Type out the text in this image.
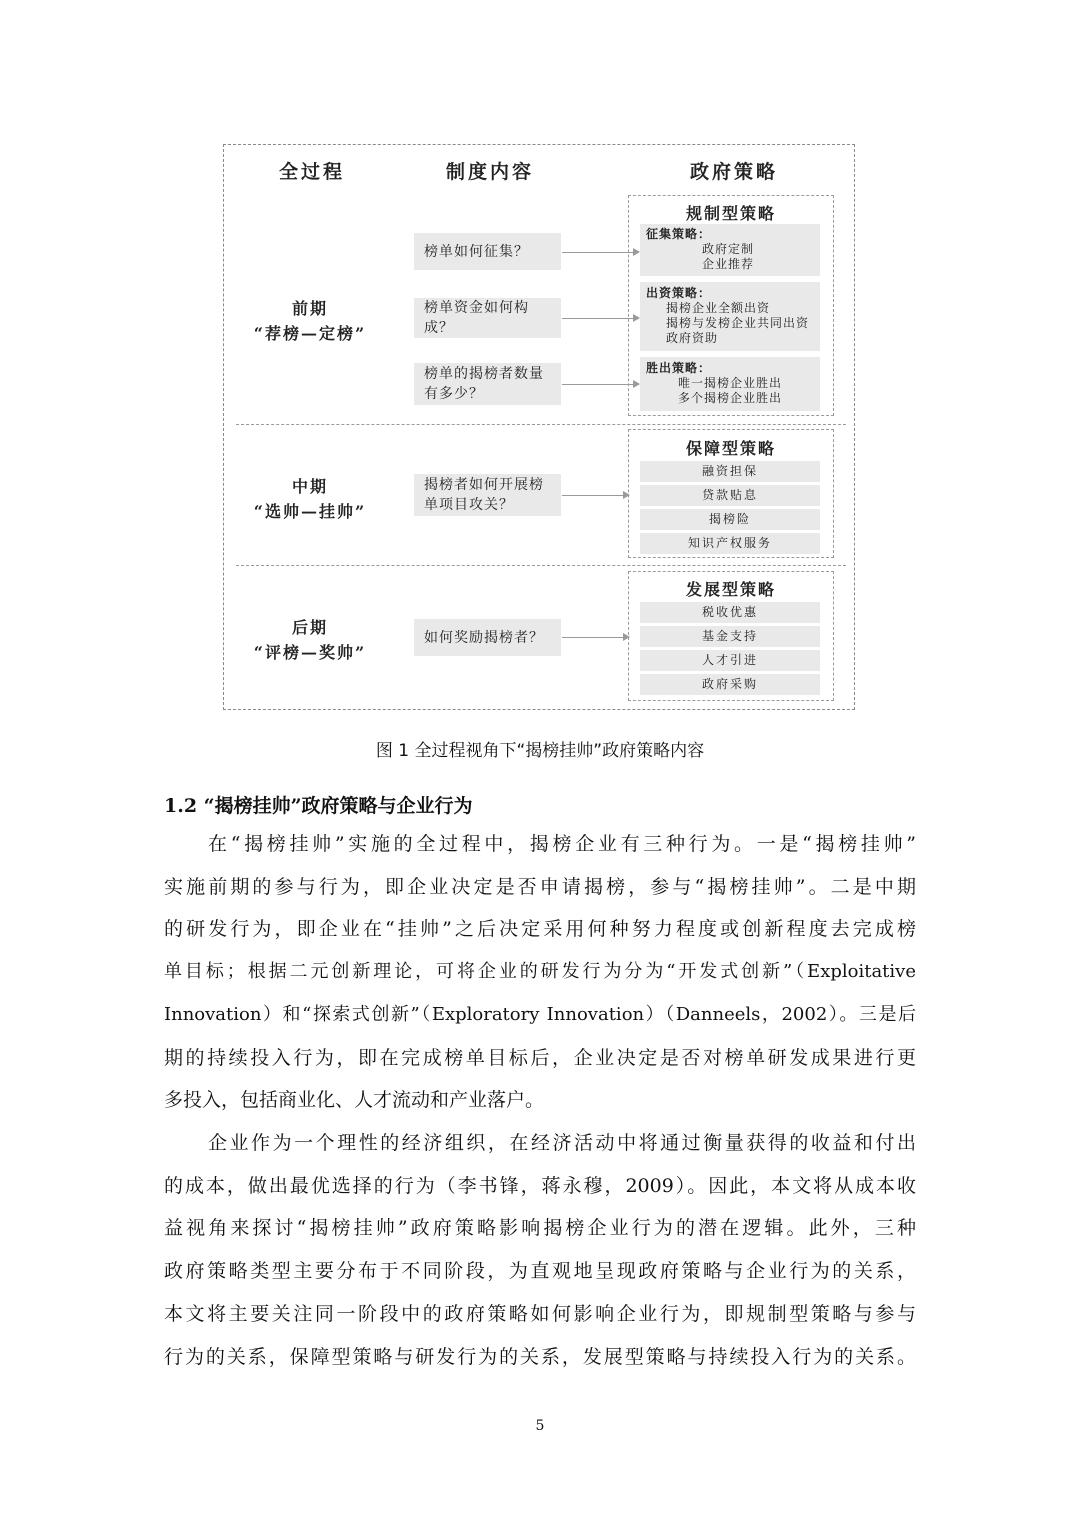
全过程	制度内容	政府策略
前期
“荐榜—定榜”
中期
“选帅—挂帅”
后期
“评榜—奖帅”
榜单如何征集？
榜单资金如何构成？
榜单的揭榜者数量
有多少？
揭榜者如何开展榜
单项目攻关？
如何奖励揭榜者？
规制型策略
征集策略：
政府定制
企业推荐
出资策略：
揭榜企业全额出资
揭榜与发榜企业共同出资
政府资助
胜出策略：
唯一揭榜企业胜出
多个揭榜企业胜出
保障型策略
融资担保
贷款贴息
揭榜险
知识产权服务
发展型策略
税收优惠
基金支持
人才引进
政府采购
图 1 全过程视角下“揭榜挂帅”政府策略内容
1.2 “揭榜挂帅”政府策略与企业行为
在“揭榜挂帅”实施的全过程中，揭榜企业有三种行为。一是“揭榜挂帅”
实施前期的参与行为，即企业决定是否申请揭榜，参与“揭榜挂帅”。二是中期
的研发行为，即企业在“挂帅”之后决定采用何种努力程度或创新程度去完成榜
单目标；根据二元创新理论，可将企业的研发行为分为“开发式创新”（Exploitative
Innovation）和“探索式创新”（Exploratory Innovation）（Danneels，2002）。三是后
期的持续投入行为，即在完成榜单目标后，企业决定是否对榜单研发成果进行更
多投入，包括商业化、人才流动和产业落户。
企业作为一个理性的经济组织，在经济活动中将通过衡量获得的收益和付出
的成本，做出最优选择的行为（李书锋，蒋永穆，2009）。因此，本文将从成本收
益视角来探讨“揭榜挂帅”政府策略影响揭榜企业行为的潜在逻辑。此外，三种
政府策略类型主要分布于不同阶段，为直观地呈现政府策略与企业行为的关系，
本文将主要关注同一阶段中的政府策略如何影响企业行为，即规制型策略与参与
行为的关系，保障型策略与研发行为的关系，发展型策略与持续投入行为的关系。
5
